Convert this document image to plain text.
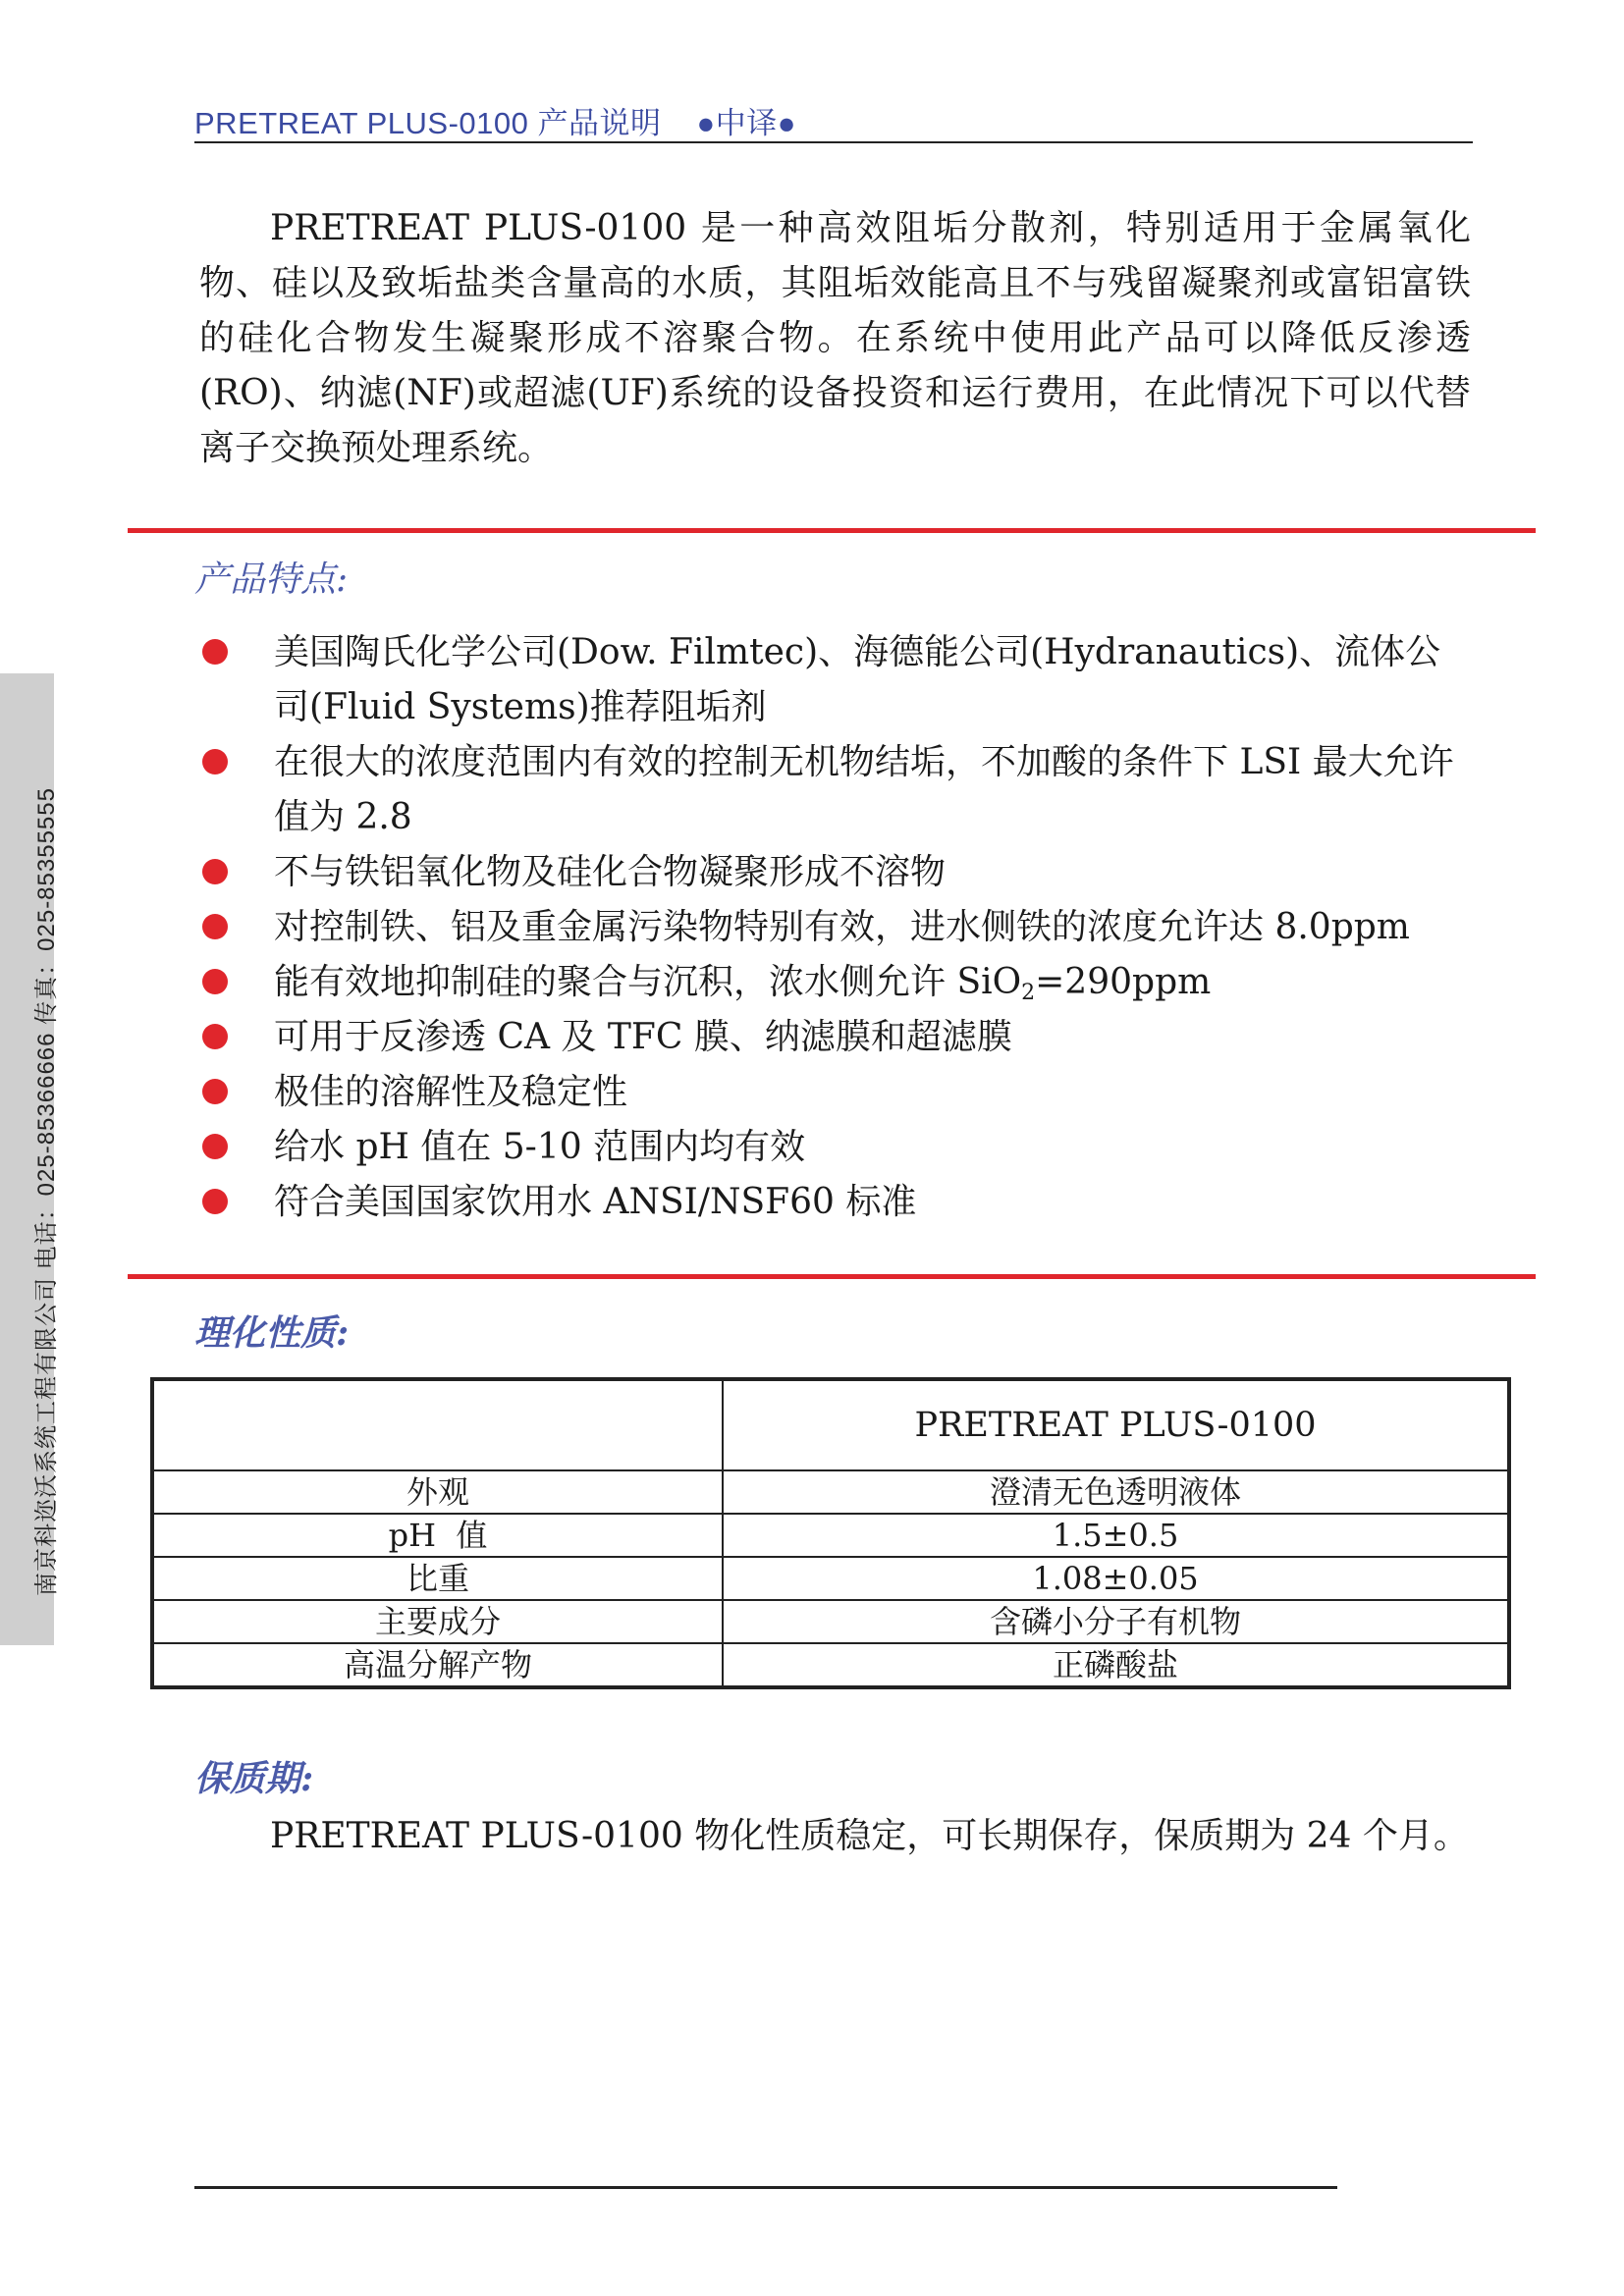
PRETREAT PLUS-0100 产品说明 ●中译●

PRETREAT PLUS-0100 是一种高效阻垢分散剂，特别适用于金属氧化物、硅以及致垢盐类含量高的水质，其阻垢效能高且不与残留凝聚剂或富铝富铁的硅化合物发生凝聚形成不溶聚合物。在系统中使用此产品可以降低反渗透(RO)、纳滤(NF)或超滤(UF)系统的设备投资和运行费用，在此情况下可以代替离子交换预处理系统。

产品特点:
美国陶氏化学公司(Dow. Filmtec)、海德能公司(Hydranautics)、流体公司(Fluid Systems)推荐阻垢剂
在很大的浓度范围内有效的控制无机物结垢，不加酸的条件下 LSI 最大允许值为 2.8
不与铁铝氧化物及硅化合物凝聚形成不溶物
对控制铁、铝及重金属污染物特别有效，进水侧铁的浓度允许达 8.0ppm
能有效地抑制硅的聚合与沉积，浓水侧允许 SiO$_2$=290ppm
可用于反渗透 CA 及 TFC 膜、纳滤膜和超滤膜
极佳的溶解性及稳定性
给水 pH 值在 5-10 范围内均有效
符合美国国家饮用水 ANSI/NSF60 标准
理化性质:
	PRETREAT PLUS-0100
外观	澄清无色透明液体
pH  值	1.5±0.5
比重	1.08±0.05
主要成分	含磷小分子有机物
高温分解产物	正磷酸盐
保质期:

PRETREAT PLUS-0100 物化性质稳定，可长期保存，保质期为 24 个月。

南京科迩沃系统工程有限公司 电话：025-85366666 传真：025-85355555
